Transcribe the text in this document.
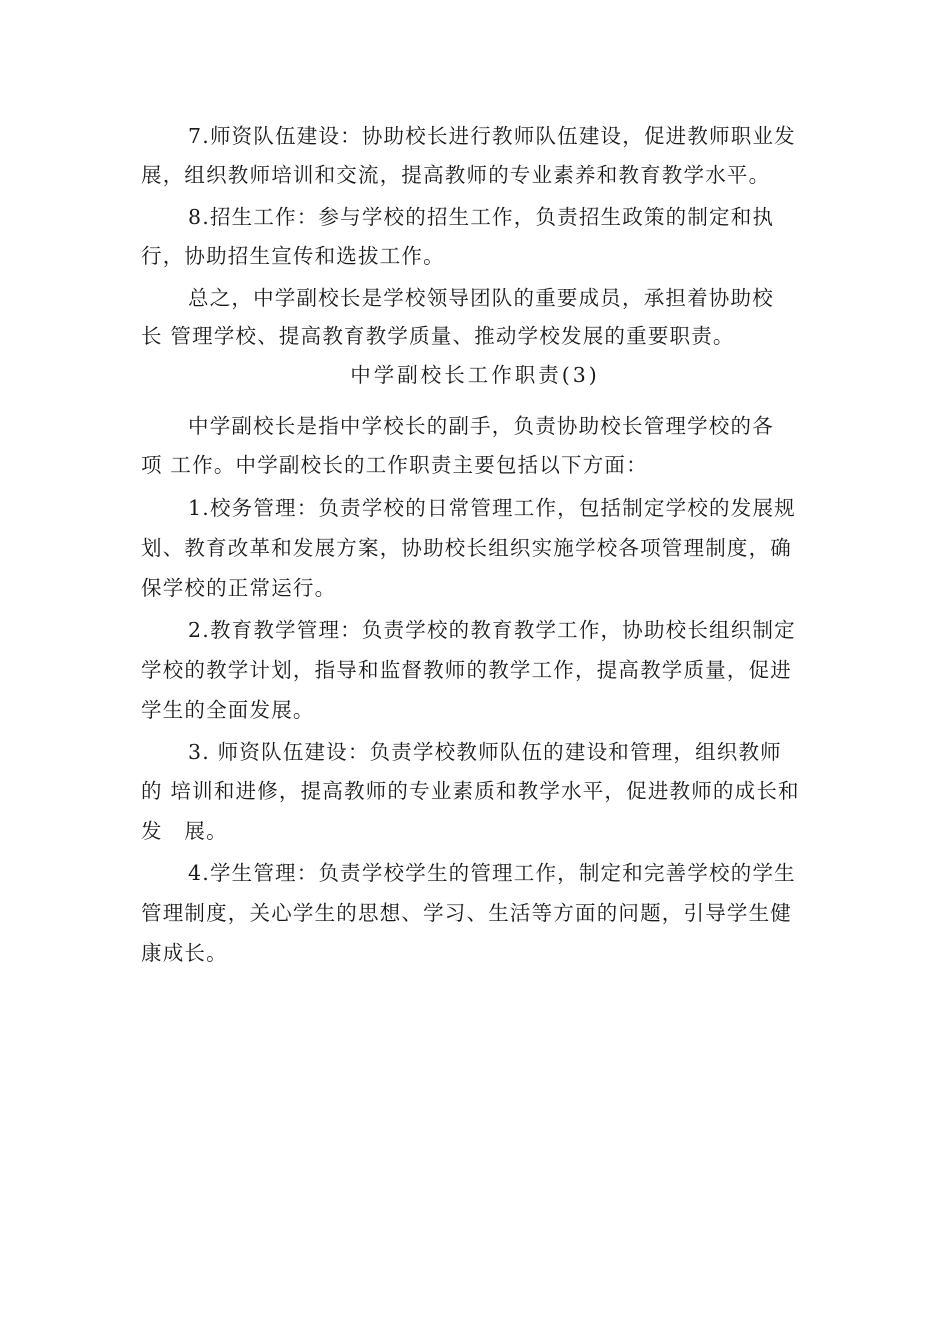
7.师资队伍建设：协助校长进行教师队伍建设，促进教师职业发
展，组织教师培训和交流，提高教师的专业素养和教育教学水平。
8.招生工作：参与学校的招生工作，负责招生政策的制定和执
行，协助招生宣传和选拔工作。
总之，中学副校长是学校领导团队的重要成员，承担着协助校
长 管理学校、提高教育教学质量、推动学校发展的重要职责。
中学副校长工作职责(3)
中学副校长是指中学校长的副手，负责协助校长管理学校的各
项 工作。中学副校长的工作职责主要包括以下方面：
1.校务管理：负责学校的日常管理工作，包括制定学校的发展规
划、教育改革和发展方案，协助校长组织实施学校各项管理制度，确
保学校的正常运行。
2.教育教学管理：负责学校的教育教学工作，协助校长组织制定
学校的教学计划，指导和监督教师的教学工作，提高教学质量，促进
学生的全面发展。
3. 师资队伍建设：负责学校教师队伍的建设和管理，组织教师
的 培训和进修，提高教师的专业素质和教学水平，促进教师的成长和
发　展。
4.学生管理：负责学校学生的管理工作，制定和完善学校的学生
管理制度，关心学生的思想、学习、生活等方面的问题，引导学生健
康成长。
